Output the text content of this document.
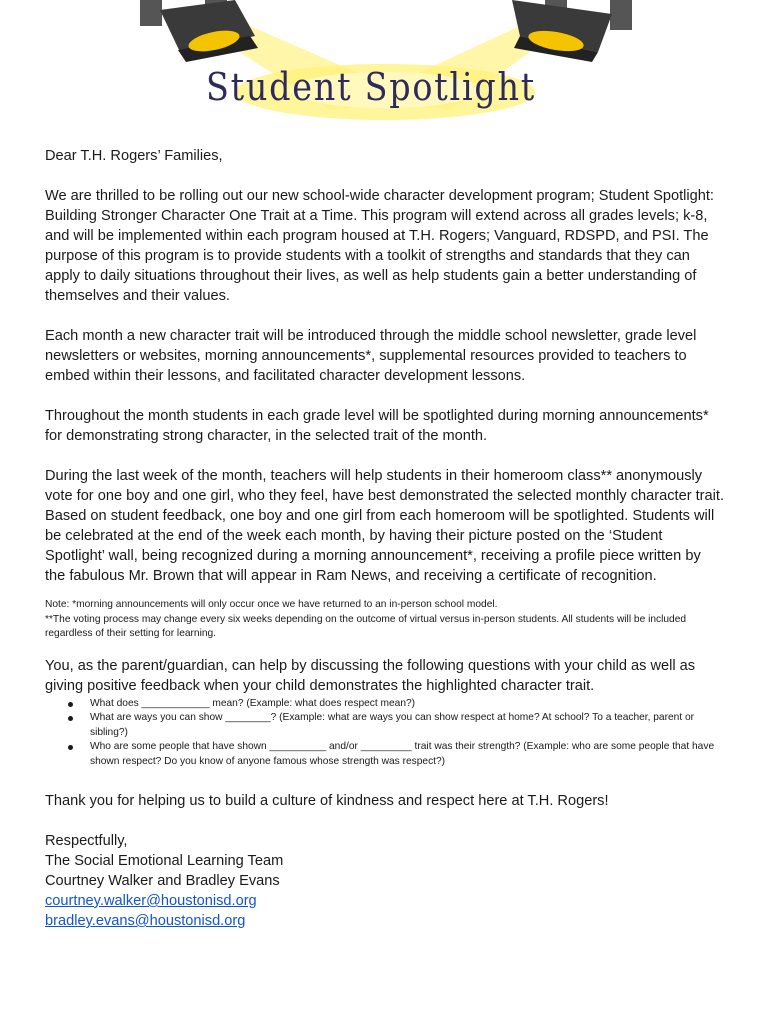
Student Spotlight

Dear T.H. Rogers’ Families,

We are thrilled to be rolling out our new school-wide character development program; Student Spotlight: Building Stronger Character One Trait at a Time. This program will extend across all grades levels; k-8, and will be implemented within each program housed at T.H. Rogers; Vanguard, RDSPD, and PSI. The purpose of this program is to provide students with a toolkit of strengths and standards that they can apply to daily situations throughout their lives, as well as help students gain a better understanding of themselves and their values.

Each month a new character trait will be introduced through the middle school newsletter, grade level newsletters or websites, morning announcements*, supplemental resources provided to teachers to embed within their lessons, and facilitated character development lessons.

Throughout the month students in each grade level will be spotlighted during morning announcements* for demonstrating strong character, in the selected trait of the month.

During the last week of the month, teachers will help students in their homeroom class** anonymously vote for one boy and one girl, who they feel, have best demonstrated the selected monthly character trait. Based on student feedback, one boy and one girl from each homeroom will be spotlighted. Students will be celebrated at the end of the week each month, by having their picture posted on the ‘Student Spotlight’ wall, being recognized during a morning announcement*, receiving a profile piece written by the fabulous Mr. Brown that will appear in Ram News, and receiving a certificate of recognition.

Note: *morning announcements will only occur once we have returned to an in-person school model.
**The voting process may change every six weeks depending on the outcome of virtual versus in-person students. All students will be included regardless of their setting for learning.

You, as the parent/guardian, can help by discussing the following questions with your child as well as giving positive feedback when your child demonstrates the highlighted character trait.

What does ____________ mean? (Example: what does respect mean?)
What are ways you can show ________? (Example: what are ways you can show respect at home? At school? To a teacher, parent or sibling?)
Who are some people that have shown __________ and/or _________ trait was their strength? (Example: who are some people that have shown respect? Do you know of anyone famous whose strength was respect?)

Thank you for helping us to build a culture of kindness and respect here at T.H. Rogers!

Respectfully,

The Social Emotional Learning Team

Courtney Walker and Bradley Evans

courtney.walker@houstonisd.org
bradley.evans@houstonisd.org
